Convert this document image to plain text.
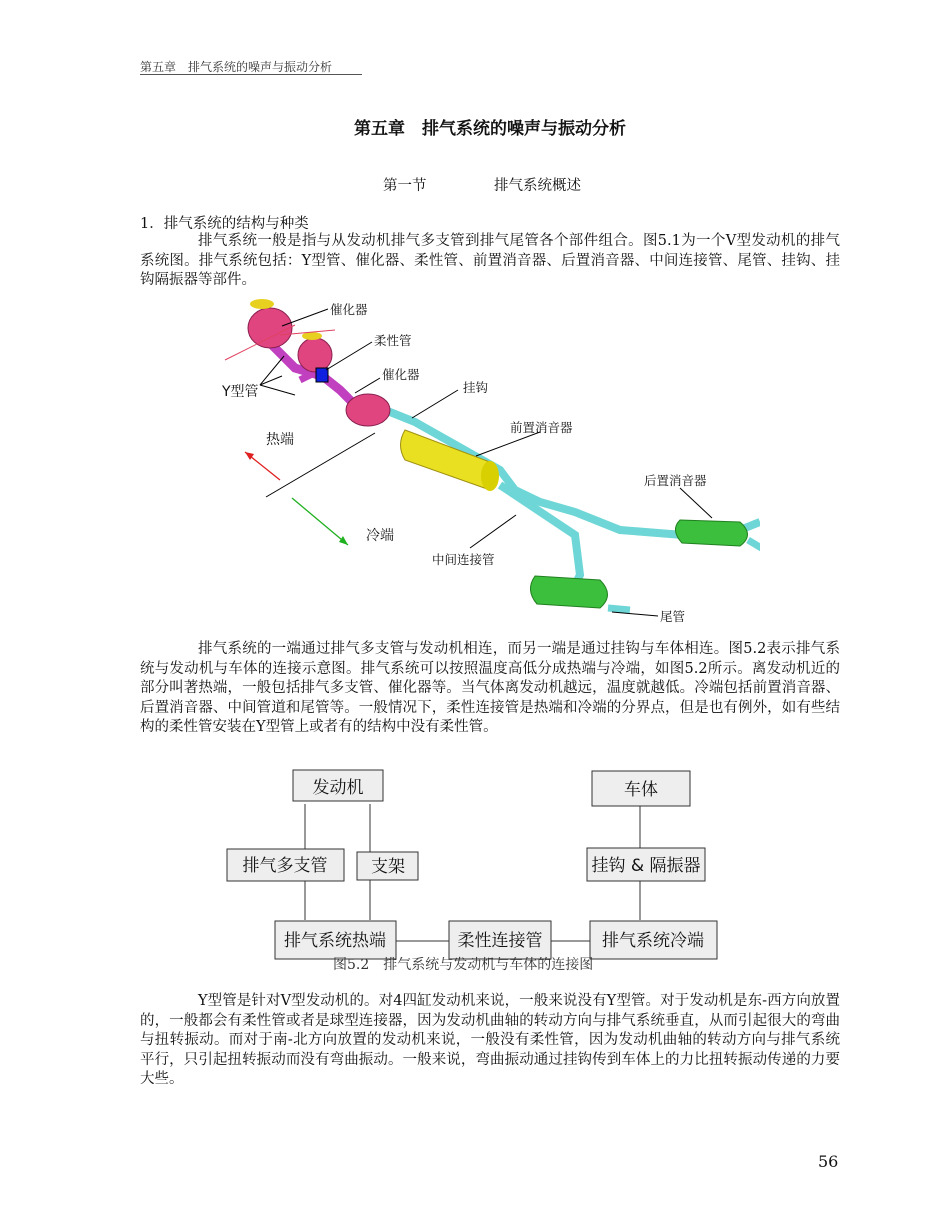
第五章　排气系统的噪声与振动分析
第五章　排气系统的噪声与振动分析
第一节	排气系统概述
1．排气系统的结构与种类
排气系统一般是指与从发动机排气多支管到排气尾管各个部件组合。图5.1为一个V型发动机的排气系统图。排气系统包括：Y型管、催化器、柔性管、前置消音器、后置消音器、中间连接管、尾管、挂钩、挂钩隔振器等部件。
催化器
柔性管
催化器
挂钩
Y型管
热端
前置消音器
后置消音器
冷端
中间连接管
尾管
排气系统的一端通过排气多支管与发动机相连，而另一端是通过挂钩与车体相连。图5.2表示排气系统与发动机与车体的连接示意图。排气系统可以按照温度高低分成热端与冷端，如图5.2所示。离发动机近的部分叫著热端，一般包括排气多支管、催化器等。当气体离发动机越远，温度就越低。冷端包括前置消音器、后置消音器、中间管道和尾管等。一般情况下，柔性连接管是热端和冷端的分界点，但是也有例外，如有些结构的柔性管安装在Y型管上或者有的结构中没有柔性管。
发动机	车体
排气多支管	支架	挂钩 & 隔振器
排气系统热端	柔性连接管	排气系统冷端
图5.2　排气系统与发动机与车体的连接图
Y型管是针对V型发动机的。对4四缸发动机来说，一般来说没有Y型管。对于发动机是东-西方向放置的，一般都会有柔性管或者是球型连接器，因为发动机曲轴的转动方向与排气系统垂直，从而引起很大的弯曲与扭转振动。而对于南-北方向放置的发动机来说，一般没有柔性管，因为发动机曲轴的转动方向与排气系统平行，只引起扭转振动而没有弯曲振动。一般来说，弯曲振动通过挂钩传到车体上的力比扭转振动传递的力要大些。
56
